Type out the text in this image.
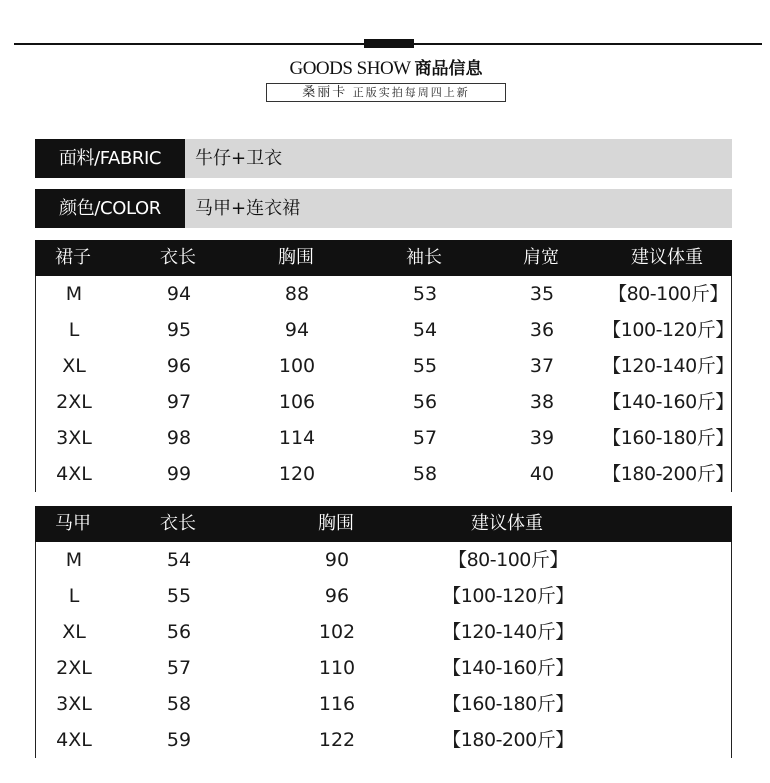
GOODS SHOW 商品信息
桑丽卡 正版实拍每周四上新
面料/FABRIC	牛仔+卫衣
颜色/COLOR	马甲+连衣裙
裙子	衣长	胸围	袖长	肩宽	建议体重
M	94	88	53	35	【80-100斤】
L	95	94	54	36	【100-120斤】
XL	96	100	55	37	【120-140斤】
2XL	97	106	56	38	【140-160斤】
3XL	98	114	57	39	【160-180斤】
4XL	99	120	58	40	【180-200斤】
马甲	衣长	胸围	建议体重
M	54	90	【80-100斤】
L	55	96	【100-120斤】
XL	56	102	【120-140斤】
2XL	57	110	【140-160斤】
3XL	58	116	【160-180斤】
4XL	59	122	【180-200斤】
